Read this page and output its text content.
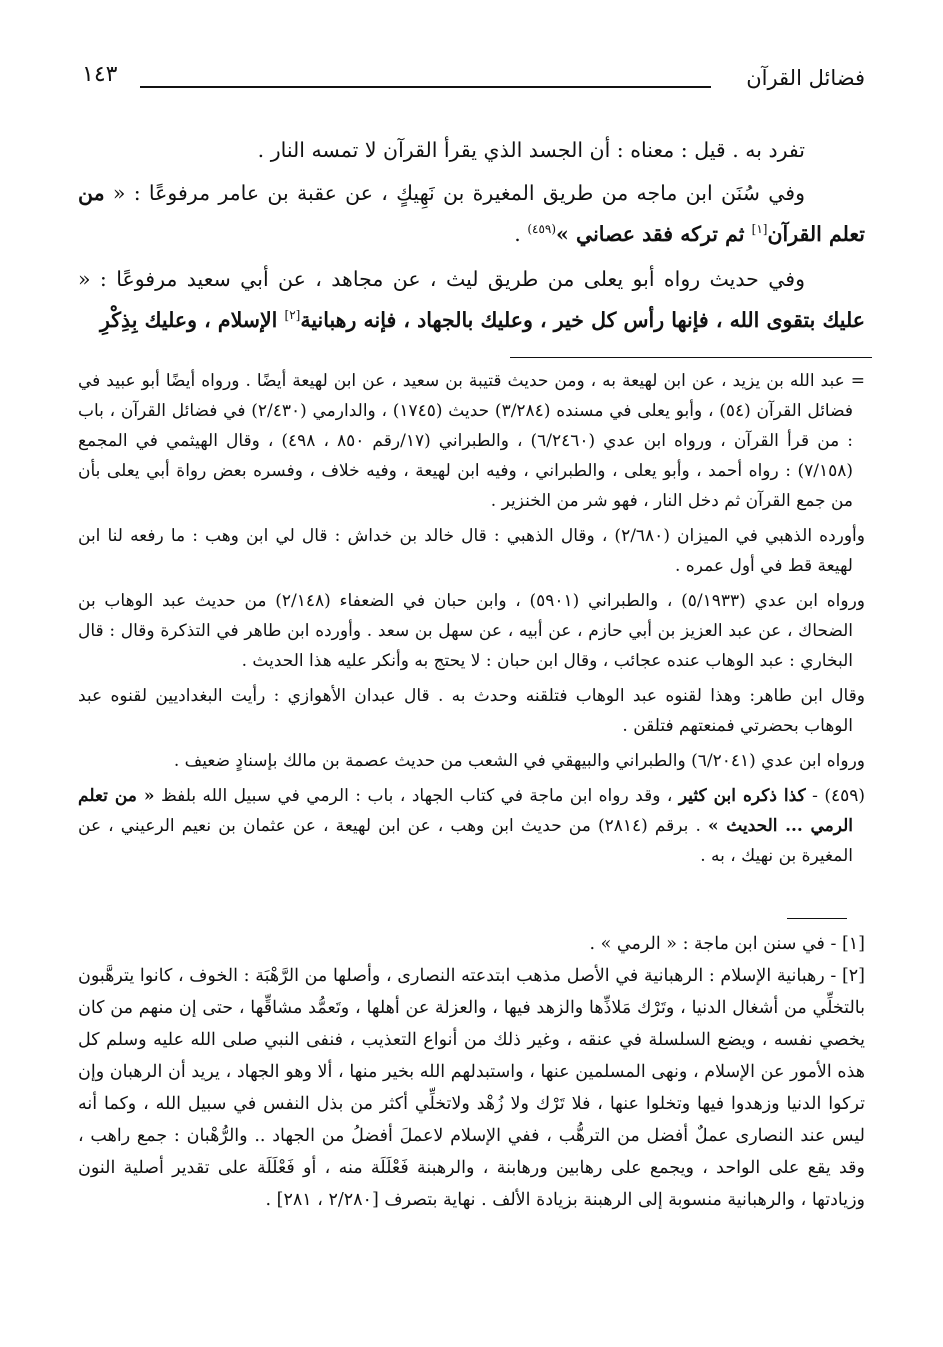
فضائل القرآن
١٤٣

تفرد به . قيل : معناه : أن الجسد الذي يقرأ القرآن لا تمسه النار .

وفي سُنَن ابن ماجه من طريق المغيرة بن نَهِيكٍ ، عن عقبة بن عامر مرفوعًا : « من تعلم القرآن[١] ثم تركه فقد عصاني »$^{(٤٥٩)}$ .

وفي حديث رواه أبو يعلى من طريق ليث ، عن مجاهد ، عن أبي سعيد مرفوعًا : « عليك بتقوى الله ، فإنها رأس كل خير ، وعليك بالجهاد ، فإنه رهبانية[٢] الإسلام ، وعليك بِذِكْرِ

= عبد الله بن يزيد ، عن ابن لهيعة به ، ومن حديث قتيبة بن سعيد ، عن ابن لهيعة أيضًا . ورواه أيضًا أبو عبيد في فضائل القرآن (٥٤) ، وأبو يعلى في مسنده (٣/٢٨٤) حديث (١٧٤٥) ، والدارمي (٢/٤٣٠) في فضائل القرآن ، باب : من قرأ القرآن ، ورواه ابن عدي (٦/٢٤٦٠) ، والطبراني (١٧/رقم ٨٥٠ ، ٤٩٨) ، وقال الهيثمي في المجمع (٧/١٥٨) : رواه أحمد ، وأبو يعلى ، والطبراني ، وفيه ابن لهيعة ، وفيه خلاف ، وفسره بعض رواة أبي يعلى بأن من جمع القرآن ثم دخل النار ، فهو شر من الخنزير .

وأورده الذهبي في الميزان (٢/٦٨٠) ، وقال الذهبي : قال خالد بن خداش : قال لي ابن وهب : ما رفعه لنا ابن لهيعة قط في أول عمره .

ورواه ابن عدي (٥/١٩٣٣) ، والطبراني (٥٩٠١) ، وابن حبان في الضعفاء (٢/١٤٨) من حديث عبد الوهاب بن الضحاك ، عن عبد العزيز بن أبي حازم ، عن أبيه ، عن سهل بن سعد . وأورده ابن طاهر في التذكرة وقال : قال البخاري : عبد الوهاب عنده عجائب ، وقال ابن حبان : لا يحتج به وأنكر عليه هذا الحديث .

وقال ابن طاهر: وهذا لقنوه عبد الوهاب فتلقنه وحدث به . قال عبدان الأهوازي : رأيت البغداديين لقنوه عبد الوهاب بحضرتي فمنعتهم فتلقن .

ورواه ابن عدي (٦/٢٠٤١) والطبراني والبيهقي في الشعب من حديث عصمة بن مالك بإسنادٍ ضعيف .

(٤٥٩) - كذا ذكره ابن كثير ، وقد رواه ابن ماجة في كتاب الجهاد ، باب : الرمي في سبيل الله بلفظ « من تعلم الرمي ... الحديث » . برقم (٢٨١٤) من حديث ابن وهب ، عن ابن لهيعة ، عن عثمان بن نعيم الرعيني ، عن المغيرة بن نهيك ، به .

[١] - في سنن ابن ماجة : « الرمي » .

[٢] - رهبانية الإسلام : الرهبانية في الأصل مذهب ابتدعته النصارى ، وأصلها من الرَّهْبَة : الخوف ، كانوا يترهَّبون بالتخلِّي من أشغال الدنيا ، وتَرْك مَلاذِّها والزهد فيها ، والعزلة عن أهلها ، وتَعمُّد مشاقِّها ، حتى إن منهم من كان يخصي نفسه ، ويضع السلسلة في عنقه ، وغير ذلك من أنواع التعذيب ، فنفى النبي صلى الله عليه وسلم كل هذه الأمور عن الإسلام ، ونهى المسلمين عنها ، واستبدلهم الله بخير منها ، ألا وهو الجهاد ، يريد أن الرهبان وإن تركوا الدنيا وزهدوا فيها وتخلوا عنها ، فلا تَرْك ولا زُهْد ولاتخلِّي أكثر من بذل النفس في سبيل الله ، وكما أنه ليس عند النصارى عملٌ أفضل من الترهُّب ، ففي الإسلام لاعملَ أفضلُ من الجهاد .. والرُّهْبان : جمع راهب ، وقد يقع على الواحد ، ويجمع على رهابين ورهابنة ، والرهبنة فَعْلَلَة منه ، أو فَعْلَلَة على تقدير أصلية النون وزيادتها ، والرهبانية منسوبة إلى الرهبنة بزيادة الألف . نهاية بتصرف [٢/٢٨٠ ، ٢٨١] .
